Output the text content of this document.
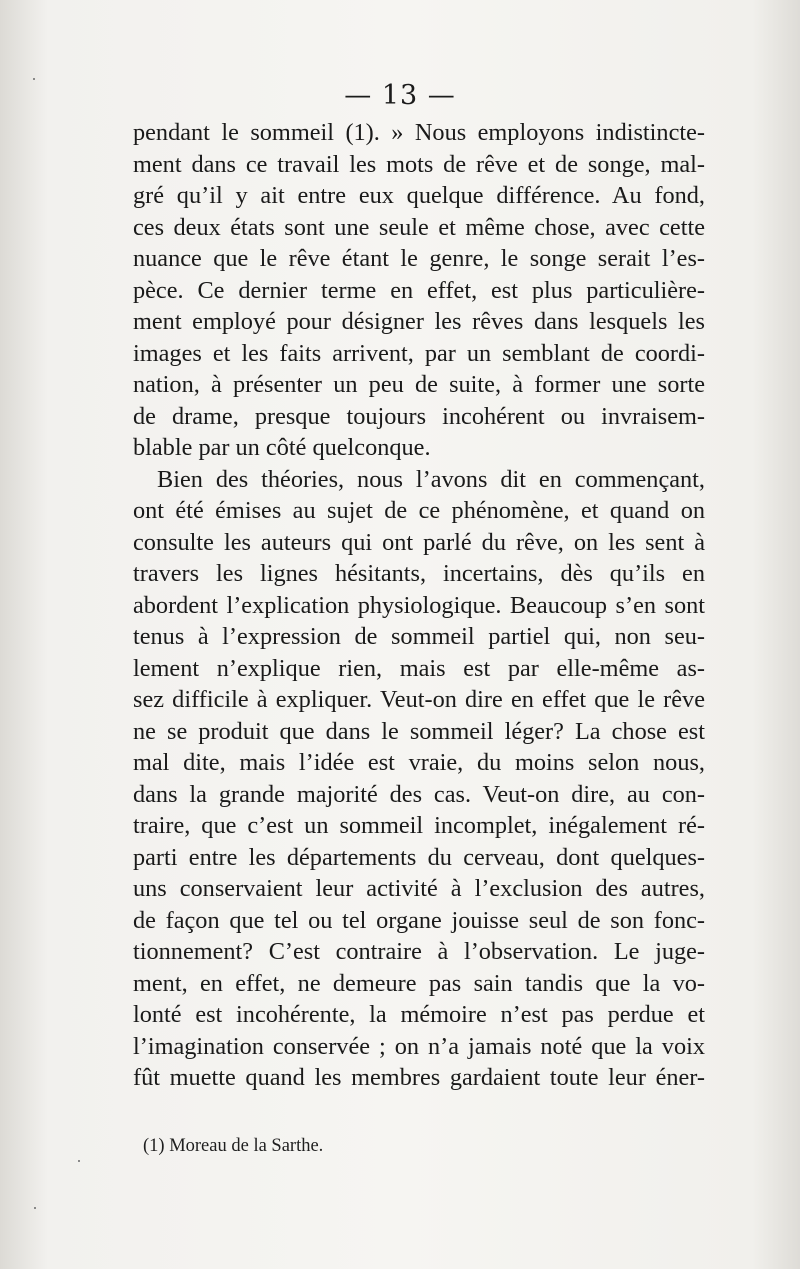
— 13 —
pendant le sommeil (1). » Nous employons indistincte-
ment dans ce travail les mots de rêve et de songe, mal-
gré qu’il y ait entre eux quelque différence. Au fond,
ces deux états sont une seule et même chose, avec cette
nuance que le rêve étant le genre, le songe serait l’es-
pèce. Ce dernier terme en effet, est plus particulière-
ment employé pour désigner les rêves dans lesquels les
images et les faits arrivent, par un semblant de coordi-
nation, à présenter un peu de suite, à former une sorte
de drame, presque toujours incohérent ou invraisem-
blable par un côté quelconque.
Bien des théories, nous l’avons dit en commençant,
ont été émises au sujet de ce phénomène, et quand on
consulte les auteurs qui ont parlé du rêve, on les sent à
travers les lignes hésitants, incertains, dès qu’ils en
abordent l’explication physiologique. Beaucoup s’en sont
tenus à l’expression de sommeil partiel qui, non seu-
lement n’explique rien, mais est par elle-même as-
sez difficile à expliquer. Veut-on dire en effet que le rêve
ne se produit que dans le sommeil léger? La chose est
mal dite, mais l’idée est vraie, du moins selon nous,
dans la grande majorité des cas. Veut-on dire, au con-
traire, que c’est un sommeil incomplet, inégalement ré-
parti entre les départements du cerveau, dont quelques-
uns conservaient leur activité à l’exclusion des autres,
de façon que tel ou tel organe jouisse seul de son fonc-
tionnement? C’est contraire à l’observation. Le juge-
ment, en effet, ne demeure pas sain tandis que la vo-
lonté est incohérente, la mémoire n’est pas perdue et
l’imagination conservée ; on n’a jamais noté que la voix
fût muette quand les membres gardaient toute leur éner-
(1) Moreau de la Sarthe.
